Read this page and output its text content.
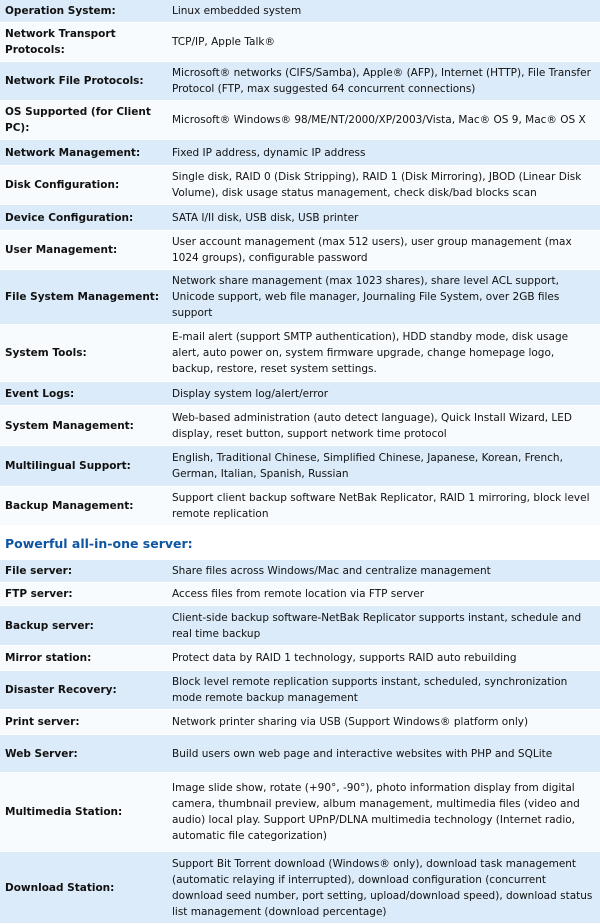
Operation System:	Linux embedded system
Network Transport Protocols:	TCP/IP, Apple Talk®
Network File Protocols:	Microsoft® networks (CIFS/Samba), Apple® (AFP), Internet (HTTP), File Transfer Protocol (FTP, max suggested 64 concurrent connections)
OS Supported (for Client PC):	Microsoft® Windows® 98/ME/NT/2000/XP/2003/Vista, Mac® OS 9, Mac® OS X
Network Management:	Fixed IP address, dynamic IP address
Disk Configuration:	Single disk, RAID 0 (Disk Stripping), RAID 1 (Disk Mirroring), JBOD (Linear Disk Volume), disk usage status management, check disk/bad blocks scan
Device Configuration:	SATA I/II disk, USB disk, USB printer
User Management:	User account management (max 512 users), user group management (max 1024 groups), configurable password
File System Management:	Network share management (max 1023 shares), share level ACL support, Unicode support, web file manager, Journaling File System, over 2GB files support
System Tools:	E-mail alert (support SMTP authentication), HDD standby mode, disk usage alert, auto power on, system firmware upgrade, change homepage logo, backup, restore, reset system settings.
Event Logs:	Display system log/alert/error
System Management:	Web-based administration (auto detect language), Quick Install Wizard, LED display, reset button, support network time protocol
Multilingual Support:	English, Traditional Chinese, Simplified Chinese, Japanese, Korean, French, German, Italian, Spanish, Russian
Backup Management:	Support client backup software NetBak Replicator, RAID 1 mirroring, block level remote replication
Powerful all-in-one server:	
File server:	Share files across Windows/Mac and centralize management
FTP server:	Access files from remote location via FTP server
Backup server:	Client-side backup software-NetBak Replicator supports instant, schedule and real time backup
Mirror station:	Protect data by RAID 1 technology, supports RAID auto rebuilding
Disaster Recovery:	Block level remote replication supports instant, scheduled, synchronization mode remote backup management
Print server:	Network printer sharing via USB (Support Windows® platform only)
Web Server:	Build users own web page and interactive websites with PHP and SQLite
Multimedia Station:	Image slide show, rotate (+90°, -90°), photo information display from digital camera, thumbnail preview, album management, multimedia files (video and audio) local play. Support UPnP/DLNA multimedia technology (Internet radio, automatic file categorization)
Download Station:	Support Bit Torrent download (Windows® only), download task management (automatic relaying if interrupted), download configuration (concurrent download seed number, port setting, upload/download speed), download status list management (download percentage)
